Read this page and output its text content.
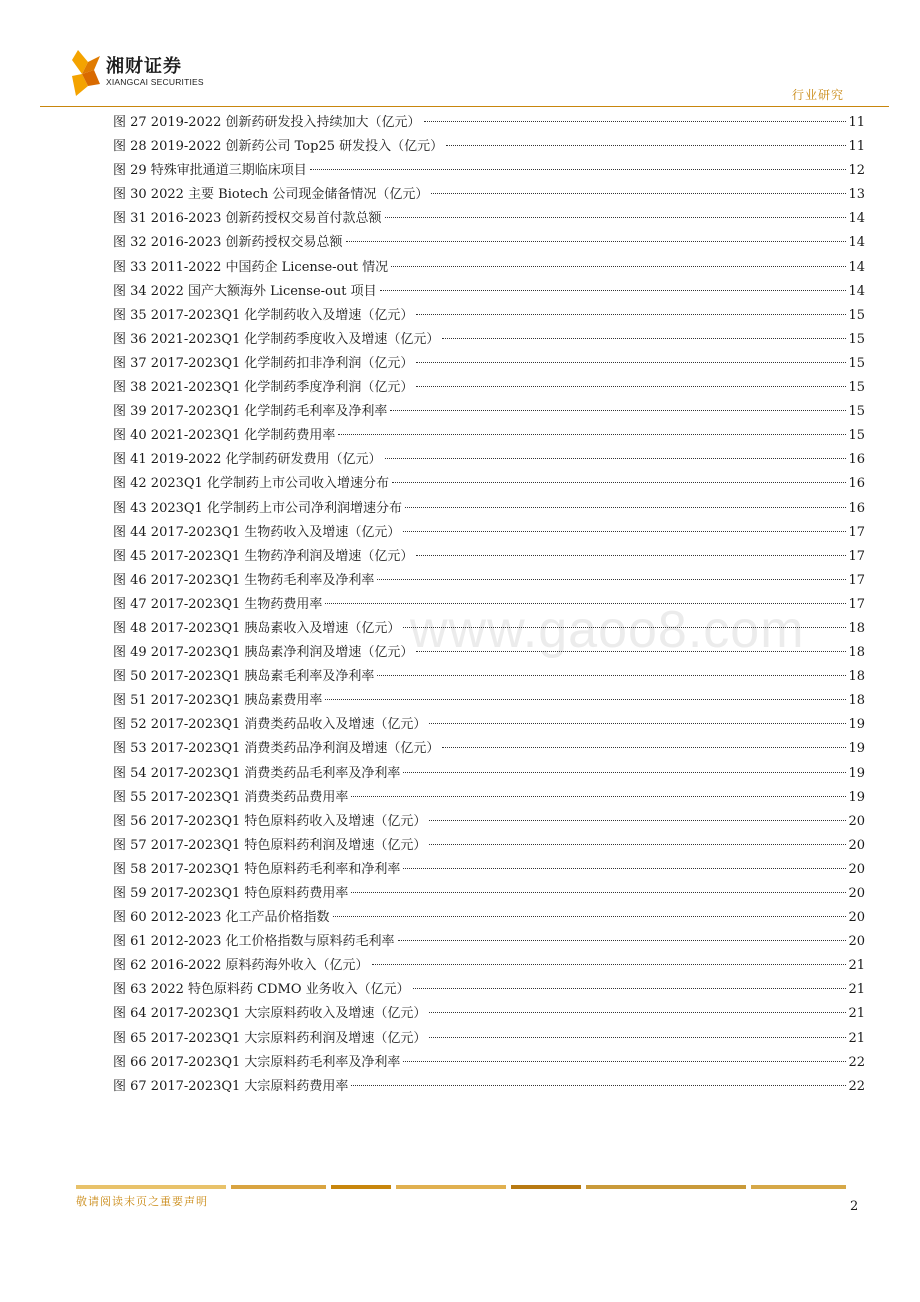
湘财证券
XIANGCAI SECURITIES
行业研究
www.gaoo8.com
图 27 2019-2022 创新药研发投入持续加大（亿元）	11
图 28 2019-2022 创新药公司 Top25 研发投入（亿元）	11
图 29 特殊审批通道三期临床项目	12
图 30 2022 主要 Biotech 公司现金储备情况（亿元）	13
图 31 2016-2023 创新药授权交易首付款总额	14
图 32 2016-2023 创新药授权交易总额	14
图 33 2011-2022 中国药企 License-out 情况	14
图 34 2022 国产大额海外 License-out 项目	14
图 35 2017-2023Q1 化学制药收入及增速（亿元）	15
图 36 2021-2023Q1 化学制药季度收入及增速（亿元）	15
图 37 2017-2023Q1 化学制药扣非净利润（亿元）	15
图 38 2021-2023Q1 化学制药季度净利润（亿元）	15
图 39 2017-2023Q1 化学制药毛利率及净利率	15
图 40 2021-2023Q1 化学制药费用率	15
图 41 2019-2022 化学制药研发费用（亿元）	16
图 42 2023Q1 化学制药上市公司收入增速分布	16
图 43 2023Q1 化学制药上市公司净利润增速分布	16
图 44 2017-2023Q1 生物药收入及增速（亿元）	17
图 45 2017-2023Q1 生物药净利润及增速（亿元）	17
图 46 2017-2023Q1 生物药毛利率及净利率	17
图 47 2017-2023Q1 生物药费用率	17
图 48 2017-2023Q1 胰岛素收入及增速（亿元）	18
图 49 2017-2023Q1 胰岛素净利润及增速（亿元）	18
图 50 2017-2023Q1 胰岛素毛利率及净利率	18
图 51 2017-2023Q1 胰岛素费用率	18
图 52 2017-2023Q1 消费类药品收入及增速（亿元）	19
图 53 2017-2023Q1 消费类药品净利润及增速（亿元）	19
图 54 2017-2023Q1 消费类药品毛利率及净利率	19
图 55 2017-2023Q1 消费类药品费用率	19
图 56 2017-2023Q1 特色原料药收入及增速（亿元）	20
图 57 2017-2023Q1 特色原料药利润及增速（亿元）	20
图 58 2017-2023Q1 特色原料药毛利率和净利率	20
图 59 2017-2023Q1 特色原料药费用率	20
图 60 2012-2023 化工产品价格指数	20
图 61 2012-2023 化工价格指数与原料药毛利率	20
图 62 2016-2022 原料药海外收入（亿元）	21
图 63 2022 特色原料药 CDMO 业务收入（亿元）	21
图 64 2017-2023Q1 大宗原料药收入及增速（亿元）	21
图 65 2017-2023Q1 大宗原料药利润及增速（亿元）	21
图 66 2017-2023Q1 大宗原料药毛利率及净利率	22
图 67 2017-2023Q1 大宗原料药费用率	22
敬请阅读末页之重要声明	2
